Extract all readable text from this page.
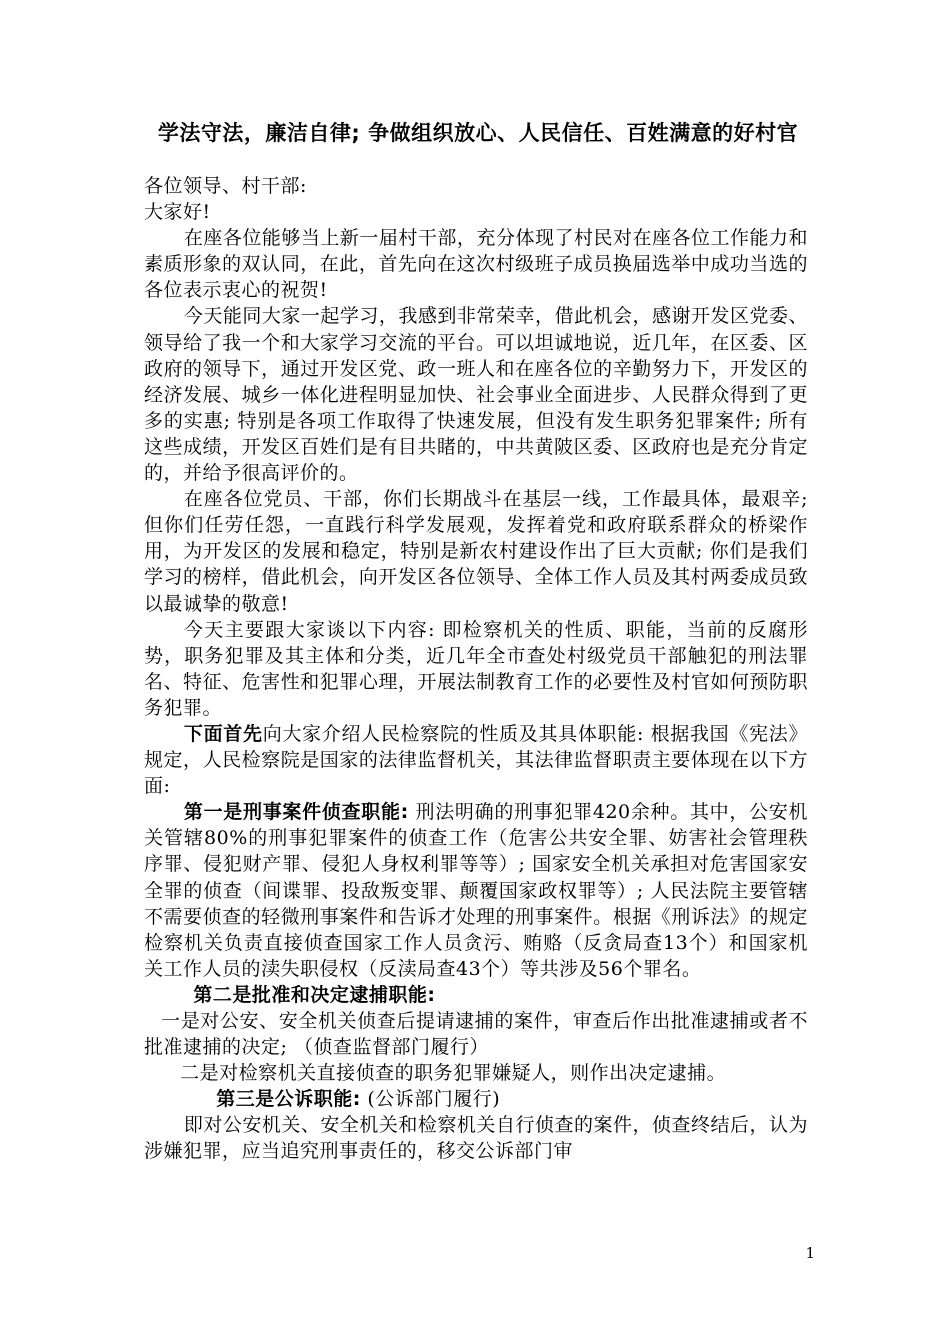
学法守法，廉洁自律; 争做组织放心、人民信任、百姓满意的好村官

各位领导、村干部:

大家好!

在座各位能够当上新一届村干部，充分体现了村民对在座各位工作能力和素质形象的双认同，在此，首先向在这次村级班子成员换届选举中成功当选的各位表示衷心的祝贺!

今天能同大家一起学习，我感到非常荣幸，借此机会，感谢开发区党委、领导给了我一个和大家学习交流的平台。可以坦诚地说，近几年，在区委、区政府的领导下，通过开发区党、政一班人和在座各位的辛勤努力下，开发区的经济发展、城乡一体化进程明显加快、社会事业全面进步、人民群众得到了更多的实惠; 特别是各项工作取得了快速发展，但没有发生职务犯罪案件; 所有这些成绩，开发区百姓们是有目共睹的，中共黄陂区委、区政府也是充分肯定的，并给予很高评价的。

在座各位党员、干部，你们长期战斗在基层一线，工作最具体，最艰辛; 但你们任劳任怨，一直践行科学发展观，发挥着党和政府联系群众的桥梁作用，为开发区的发展和稳定，特别是新农村建设作出了巨大贡献; 你们是我们学习的榜样，借此机会，向开发区各位领导、全体工作人员及其村两委成员致以最诚挚的敬意!

今天主要跟大家谈以下内容: 即检察机关的性质、职能，当前的反腐形势，职务犯罪及其主体和分类，近几年全市查处村级党员干部触犯的刑法罪名、特征、危害性和犯罪心理，开展法制教育工作的必要性及村官如何预防职务犯罪。

下面首先向大家介绍人民检察院的性质及其具体职能: 根据我国《宪法》规定，人民检察院是国家的法律监督机关，其法律监督职责主要体现在以下方面:

第一是刑事案件侦查职能: 刑法明确的刑事犯罪420余种。其中，公安机关管辖80%的刑事犯罪案件的侦查工作（危害公共安全罪、妨害社会管理秩序罪、侵犯财产罪、侵犯人身权利罪等等）; 国家安全机关承担对危害国家安全罪的侦查（间谍罪、投敌叛变罪、颠覆国家政权罪等）; 人民法院主要管辖不需要侦查的轻微刑事案件和告诉才处理的刑事案件。根据《刑诉法》的规定检察机关负责直接侦查国家工作人员贪污、贿赂（反贪局查13个）和国家机关工作人员的渎失职侵权（反渎局查43个）等共涉及56个罪名。

第二是批准和决定逮捕职能:

一是对公安、安全机关侦查后提请逮捕的案件，审查后作出批准逮捕或者不批准逮捕的决定; （侦查监督部门履行）

二是对检察机关直接侦查的职务犯罪嫌疑人，则作出决定逮捕。

第三是公诉职能: (公诉部门履行)

即对公安机关、安全机关和检察机关自行侦查的案件，侦查终结后，认为涉嫌犯罪，应当追究刑事责任的，移交公诉部门审

1
